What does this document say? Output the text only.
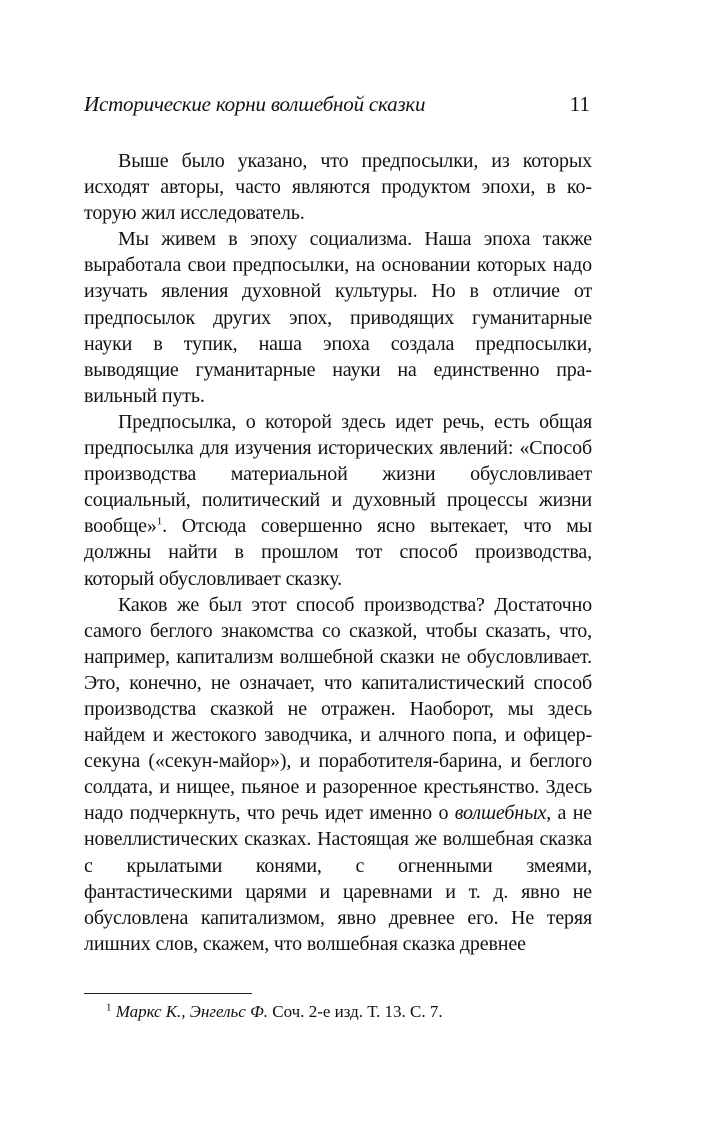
Исторические корни волшебной сказки	11

Выше было указано, что предпосылки, из которых исходят авторы, часто являются продуктом эпохи, в которую жил исследователь.

Мы живем в эпоху социализма. Наша эпоха также выработала свои предпосылки, на основании которых надо изучать явления духовной культуры. Но в отличие от предпосылок других эпох, приводящих гуманитарные науки в тупик, наша эпоха создала предпосылки, выводящие гуманитарные науки на единственно правильный путь.

Предпосылка, о которой здесь идет речь, есть общая предпосылка для изучения исторических явлений: «Способ производства материальной жизни обусловливает социальный, политический и духовный процессы жизни вообще»$^1$. Отсюда совершенно ясно вытекает, что мы должны найти в прошлом тот способ производства, который обусловливает сказку.

Каков же был этот способ производства? Достаточно самого беглого знакомства со сказкой, чтобы сказать, что, например, капитализм волшебной сказки не обусловливает. Это, конечно, не означает, что капиталистический способ производства сказкой не отражен. Наоборот, мы здесь найдем и жестокого заводчика, и алчного попа, и офицер-секуна («секун-майор»), и поработителя-барина, и беглого солдата, и нищее, пьяное и разоренное крестьянство. Здесь надо подчеркнуть, что речь идет именно о волшебных, а не новеллистических сказках. Настоящая же волшебная сказка с крылатыми конями, с огненными змеями, фантастическими царями и царевнами и т. д. явно не обусловлена капитализмом, явно древнее его. Не теряя лишних слов, скажем, что волшебная сказка древнее

$^1$ Маркс К., Энгельс Ф. Соч. 2-е изд. Т. 13. С. 7.
